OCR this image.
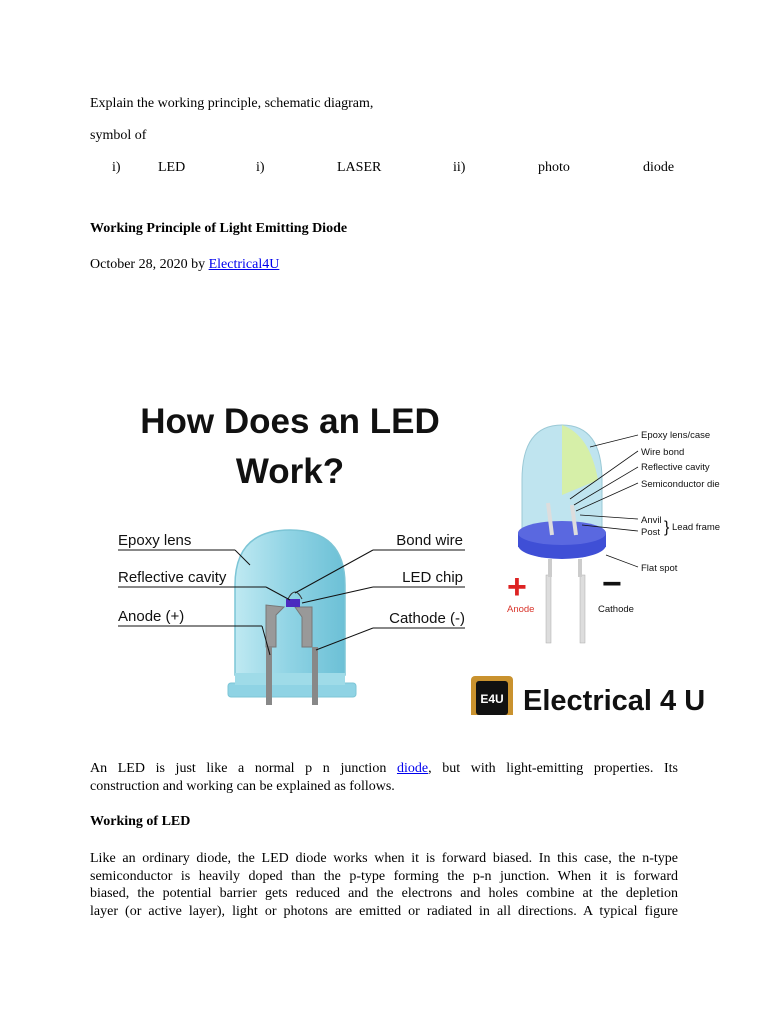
Explain the working principle, schematic diagram,
symbol of
i)	LED	i)	LASER	ii)	photo	diode
Working Principle of Light Emitting Diode
October 28, 2020 by Electrical4U
How Does an LED
Work?
Epoxy lens
Reflective cavity
Anode (+)
Bond wire
LED chip
Cathode (-)
Epoxy lens/case
Wire bond
Reflective cavity
Semiconductor die
Anvil
Post Lead frame
Flat spot
Anode	Cathode
}
+ −
E4U Electrical 4 U
An LED is just like a normal p n junction diode, but with light-emitting properties. Its
construction and working can be explained as follows.
Working of LED
Like an ordinary diode, the LED diode works when it is forward biased. In this case, the n-type
semiconductor is heavily doped than the p-type forming the p-n junction. When it is forward
biased, the potential barrier gets reduced and the electrons and holes combine at the depletion
layer (or active layer), light or photons are emitted or radiated in all directions. A typical figure
